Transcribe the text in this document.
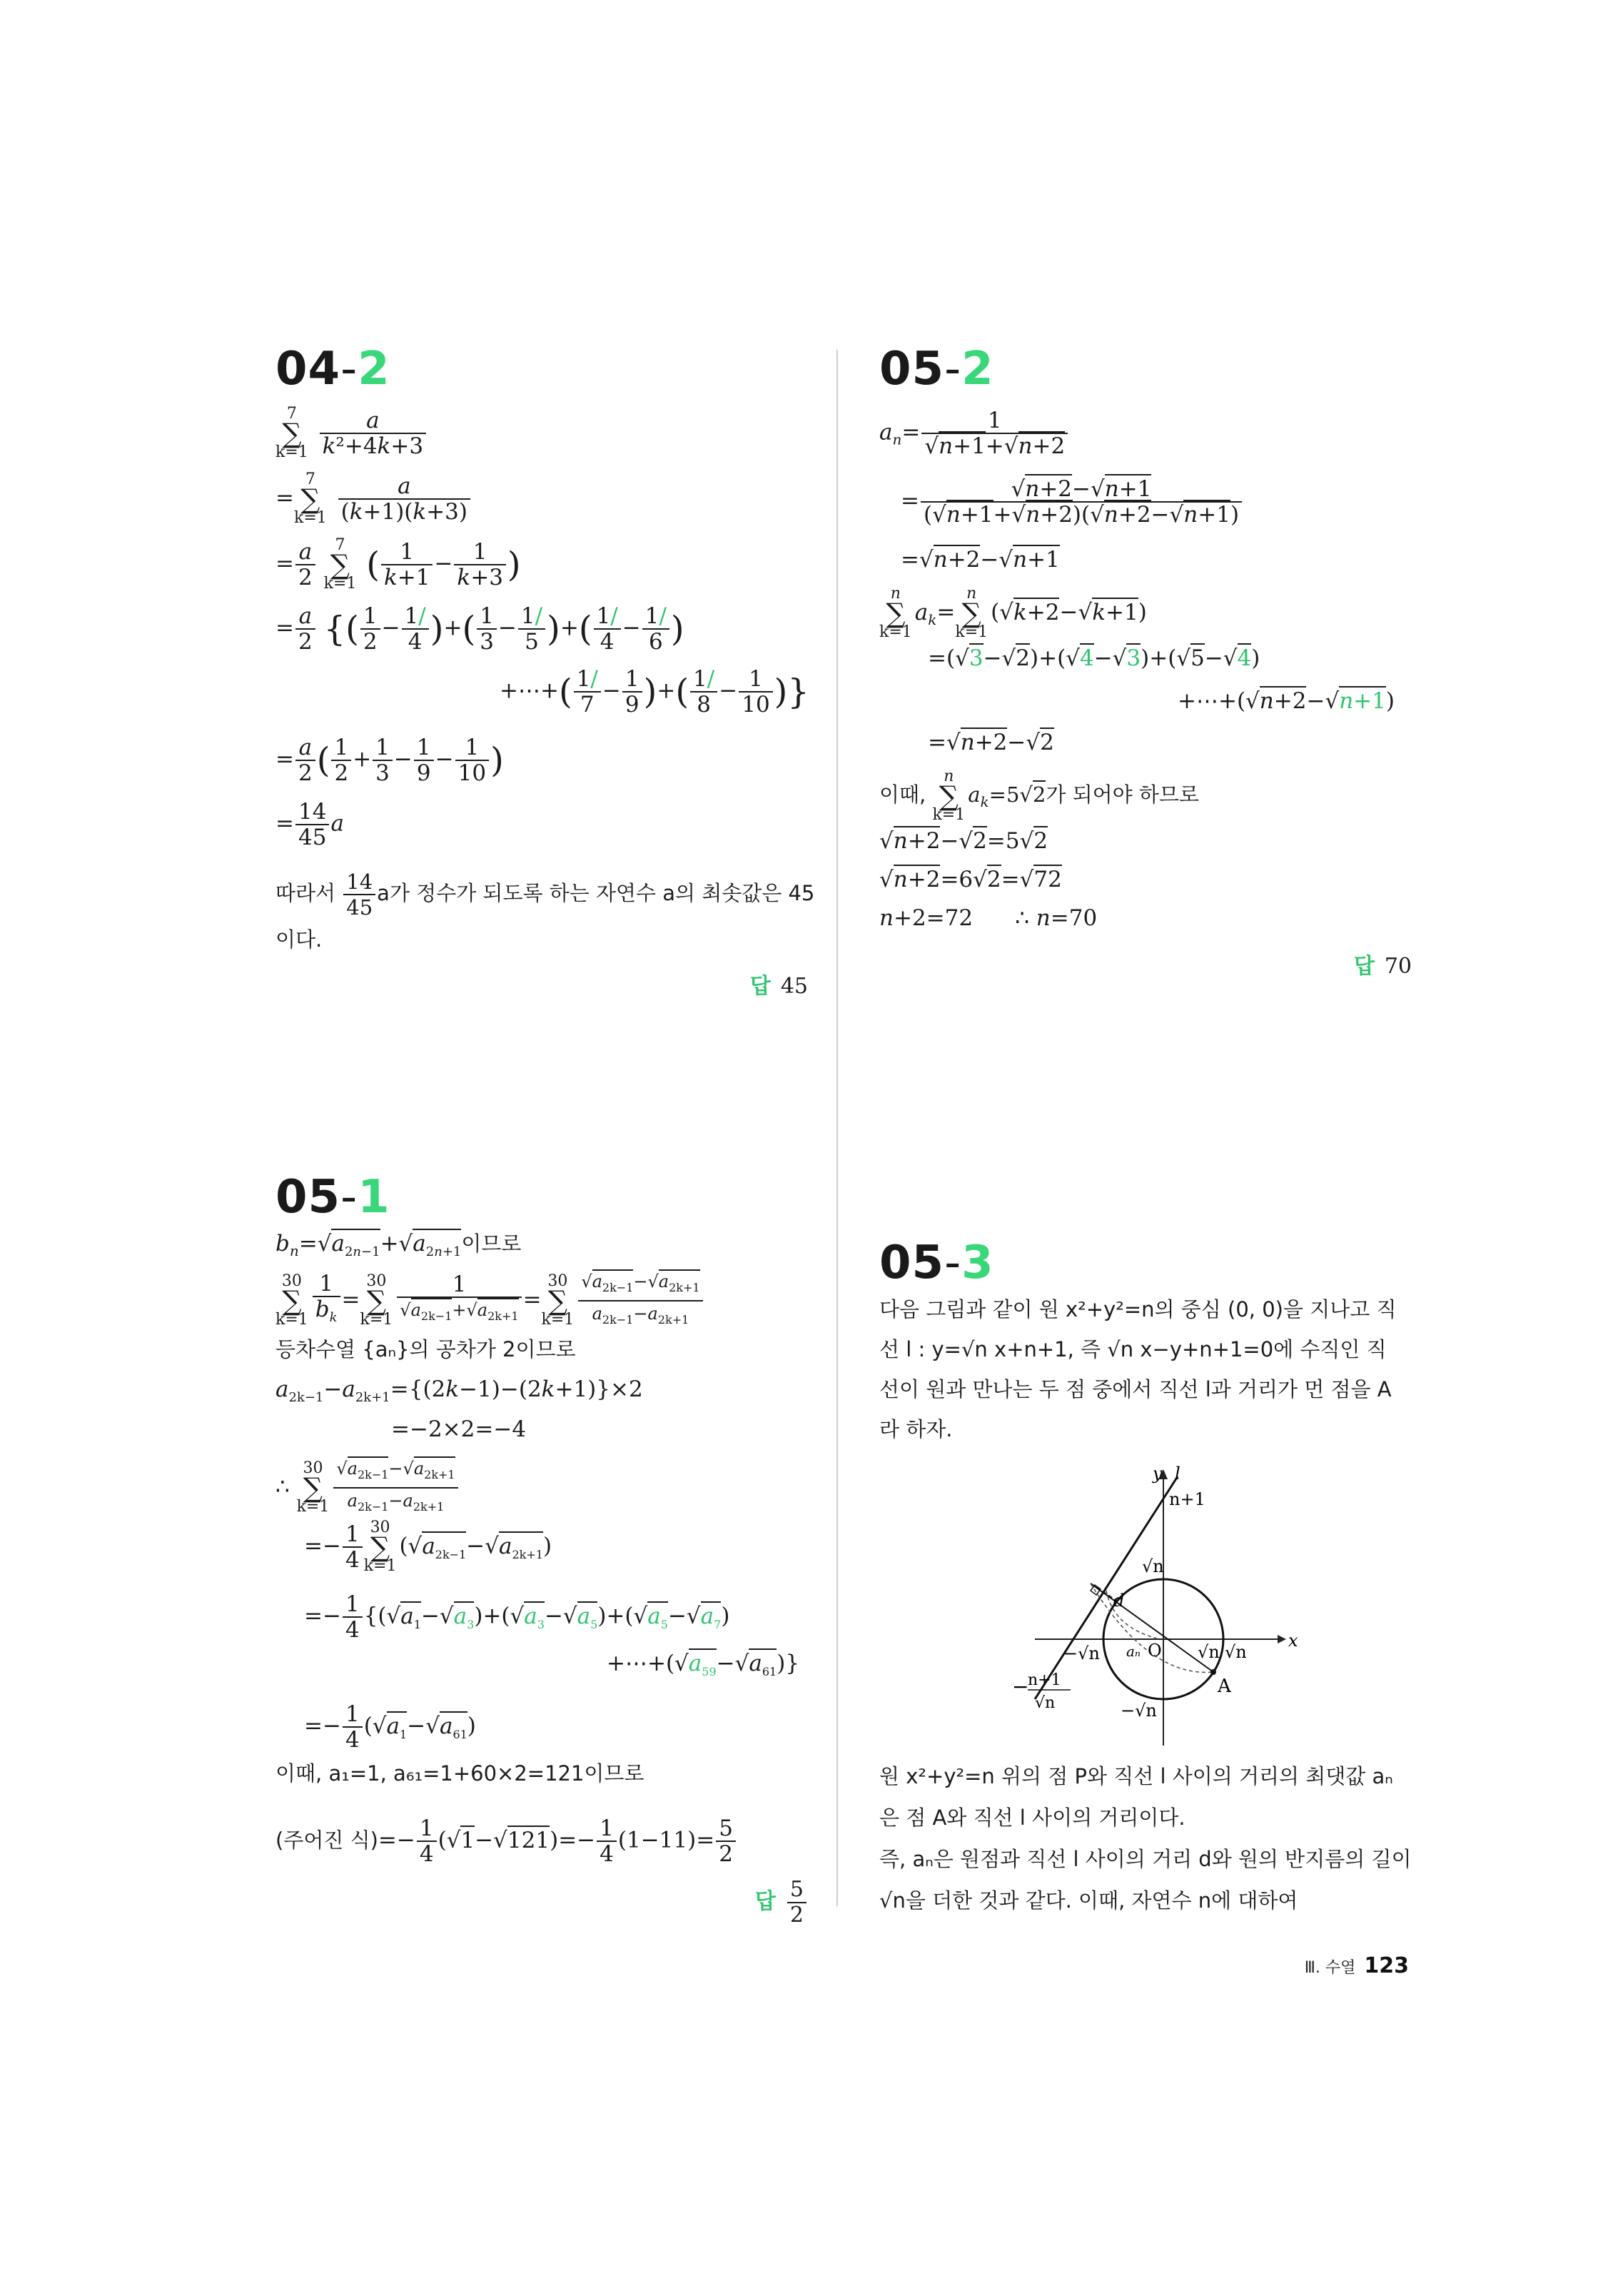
04-2
7
∑
$k=1 \frac{a}{\text{k²+4k+3}}$
=7
∑
$k=1 \frac{a}{(k+1)(k+3)}$
= $\frac{a}{2} 7$
∑
k=1 ( $\frac{1}{k+1} - \frac{1}{k+3}$ )
= $\frac{a}{2}$ {( $\frac{1}{2} - \frac{1/}{4}$ )+( $\frac{1}{3} - \frac{1/}{5}$ )+( $\frac{1/}{4} - \frac{1/}{6}$ )
+⋯+( $\frac{1/}{7} - \frac{1}{9}$ )+( $\frac{1/}{8} - \frac{1}{10}$ )}
= $\frac{a}{2}$ ( $\frac{1}{2} + \frac{1}{3} - \frac{1}{9} - \frac{1}{10}$ )
= $\frac{14}{45}$ a
따라서 $\frac{14}{45}$ a가 정수가 되도록 하는 자연수 a의 최솟값은 45
이다.
답 45
05-2
$a_n= \frac{1}{√n+1+√n+2}$
= $\frac{√n+2-√n+1}{(√n+1+√n+2)(√n+2-√n+1)}$
=√n+2−√n+1
n
∑
$k=1a_k=n$
∑
k=1(√k+2−√k+1)
=(√3−√2)+(√4−√3)+(√5−√4)
+⋯+(√n+2−√n+1)
=√n+2−√2
이때, n
∑
$k=1a_k=5√2$가 되어야 하므로
√n+2−√2=5√2
√n+2=6√2=√72
n+2=72      ∴ n=70
답 70
05-1
$b_n=√a_{2n-1}+√a_{2n+1}$이므로
30
∑
$k=1 \frac{1}{b_k} =30$
∑
$k=1 \frac{1}{√a_{2k-1}+√a_{2k+1}} =30$
∑
$k=1 \frac{√a_{2k-1}-√a_{2k+1}}{a_{2k-1}-a_{2k+1}}$
등차수열 {aₙ}의 공차가 2이므로
$a_{2k-1}-a_{2k+1}=\{(2k-1)-(2k+1)\}\times 2$
=−2×2=−4
∴ 30
∑
$k=1 \frac{√a_{2k-1}-√a_{2k+1}}{a_{2k-1}-a_{2k+1}}$
=− $\frac{1}{4} 30$
∑
$k=1(√a_{2k-1}-√a_{2k+1})$
=− $\frac{1}{4} \{(√a_1-√a_3)+(√a_3-√a_5)+(√a_5-√a_7)$
$+\cdots+(√a_{59}-√a_{61})$}
=− $\frac{1}{4} (√a_1-√a_{61})$
이때, a₁=1, a₆₁=1+60×2=121이므로
(주어진 식)=− $\frac{1}{4} (√1-√121)=- \frac{1}{4} (1-11)= \frac{5}{2}$
답 $\frac{5}{2}$
05-3
다음 그림과 같이 원 x²+y²=n의 중심 (0, 0)을 지나고 직
선 l : y=√n x+n+1, 즉 √n x−y+n+1=0에 수직인 직
선이 원과 만나는 두 점 중에서 직선 l과 거리가 먼 점을 A
라 하자.
y l
n+1
√n
d
x
−√n aₙ O √n √n
A
−
n+1
√n	−√n
원 x²+y²=n 위의 점 P와 직선 l 사이의 거리의 최댓값 aₙ
은 점 A와 직선 l 사이의 거리이다.
즉, aₙ은 원점과 직선 l 사이의 거리 d와 원의 반지름의 길이
√n을 더한 것과 같다. 이때, 자연수 n에 대하여
Ⅲ. 수열 123
